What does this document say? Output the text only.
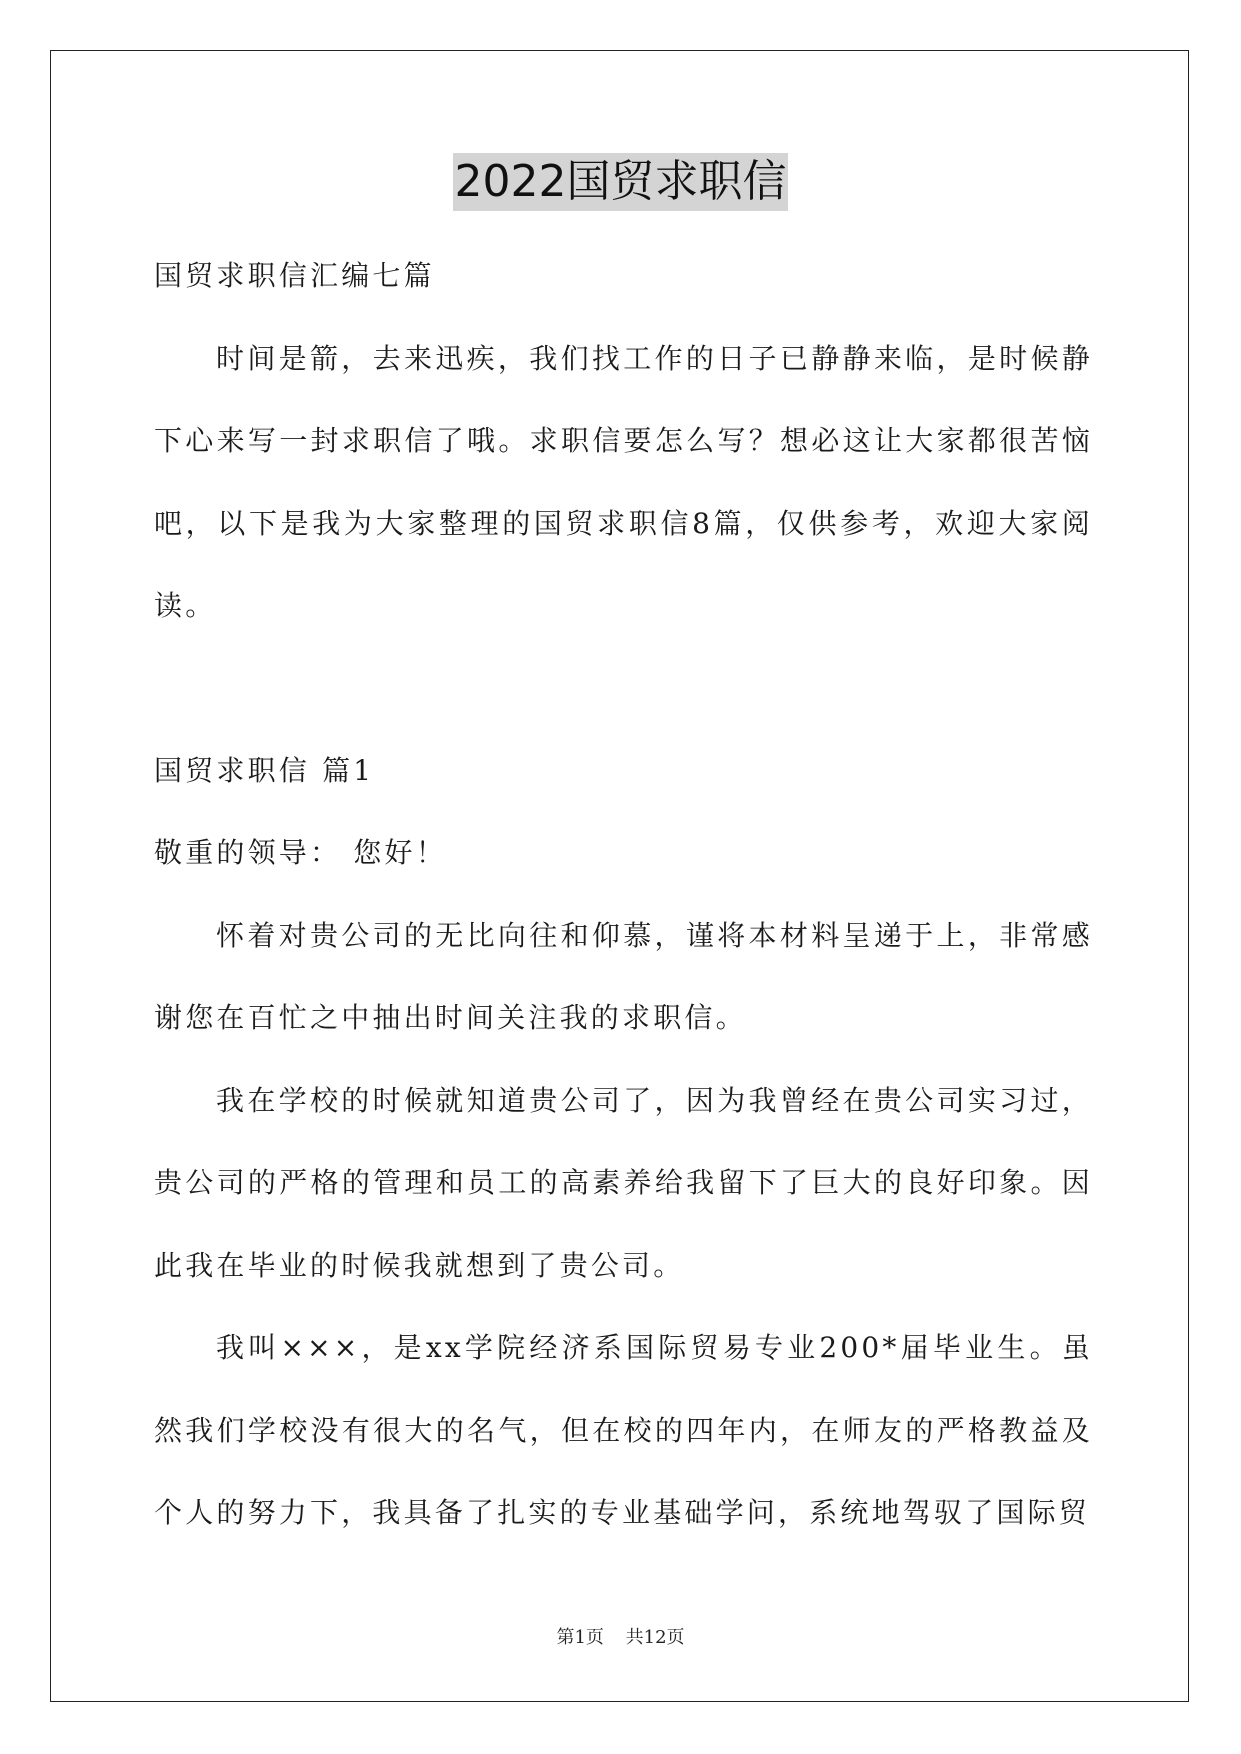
2022国贸求职信

国贸求职信汇编七篇

时间是箭，去来迅疾，我们找工作的日子已静静来临，是时候静下心来写一封求职信了哦。求职信要怎么写？想必这让大家都很苦恼吧，以下是我为大家整理的国贸求职信8篇，仅供参考，欢迎大家阅读。

国贸求职信 篇1

敬重的领导： 您好！

怀着对贵公司的无比向往和仰慕，谨将本材料呈递于上，非常感谢您在百忙之中抽出时间关注我的求职信。

我在学校的时候就知道贵公司了，因为我曾经在贵公司实习过，贵公司的严格的管理和员工的高素养给我留下了巨大的良好印象。因此我在毕业的时候我就想到了贵公司。

我叫×××，是xx学院经济系国际贸易专业200*届毕业生。虽然我们学校没有很大的名气，但在校的四年内，在师友的严格教益及个人的努力下，我具备了扎实的专业基础学问，系统地驾驭了国际贸

第1页 共12页
